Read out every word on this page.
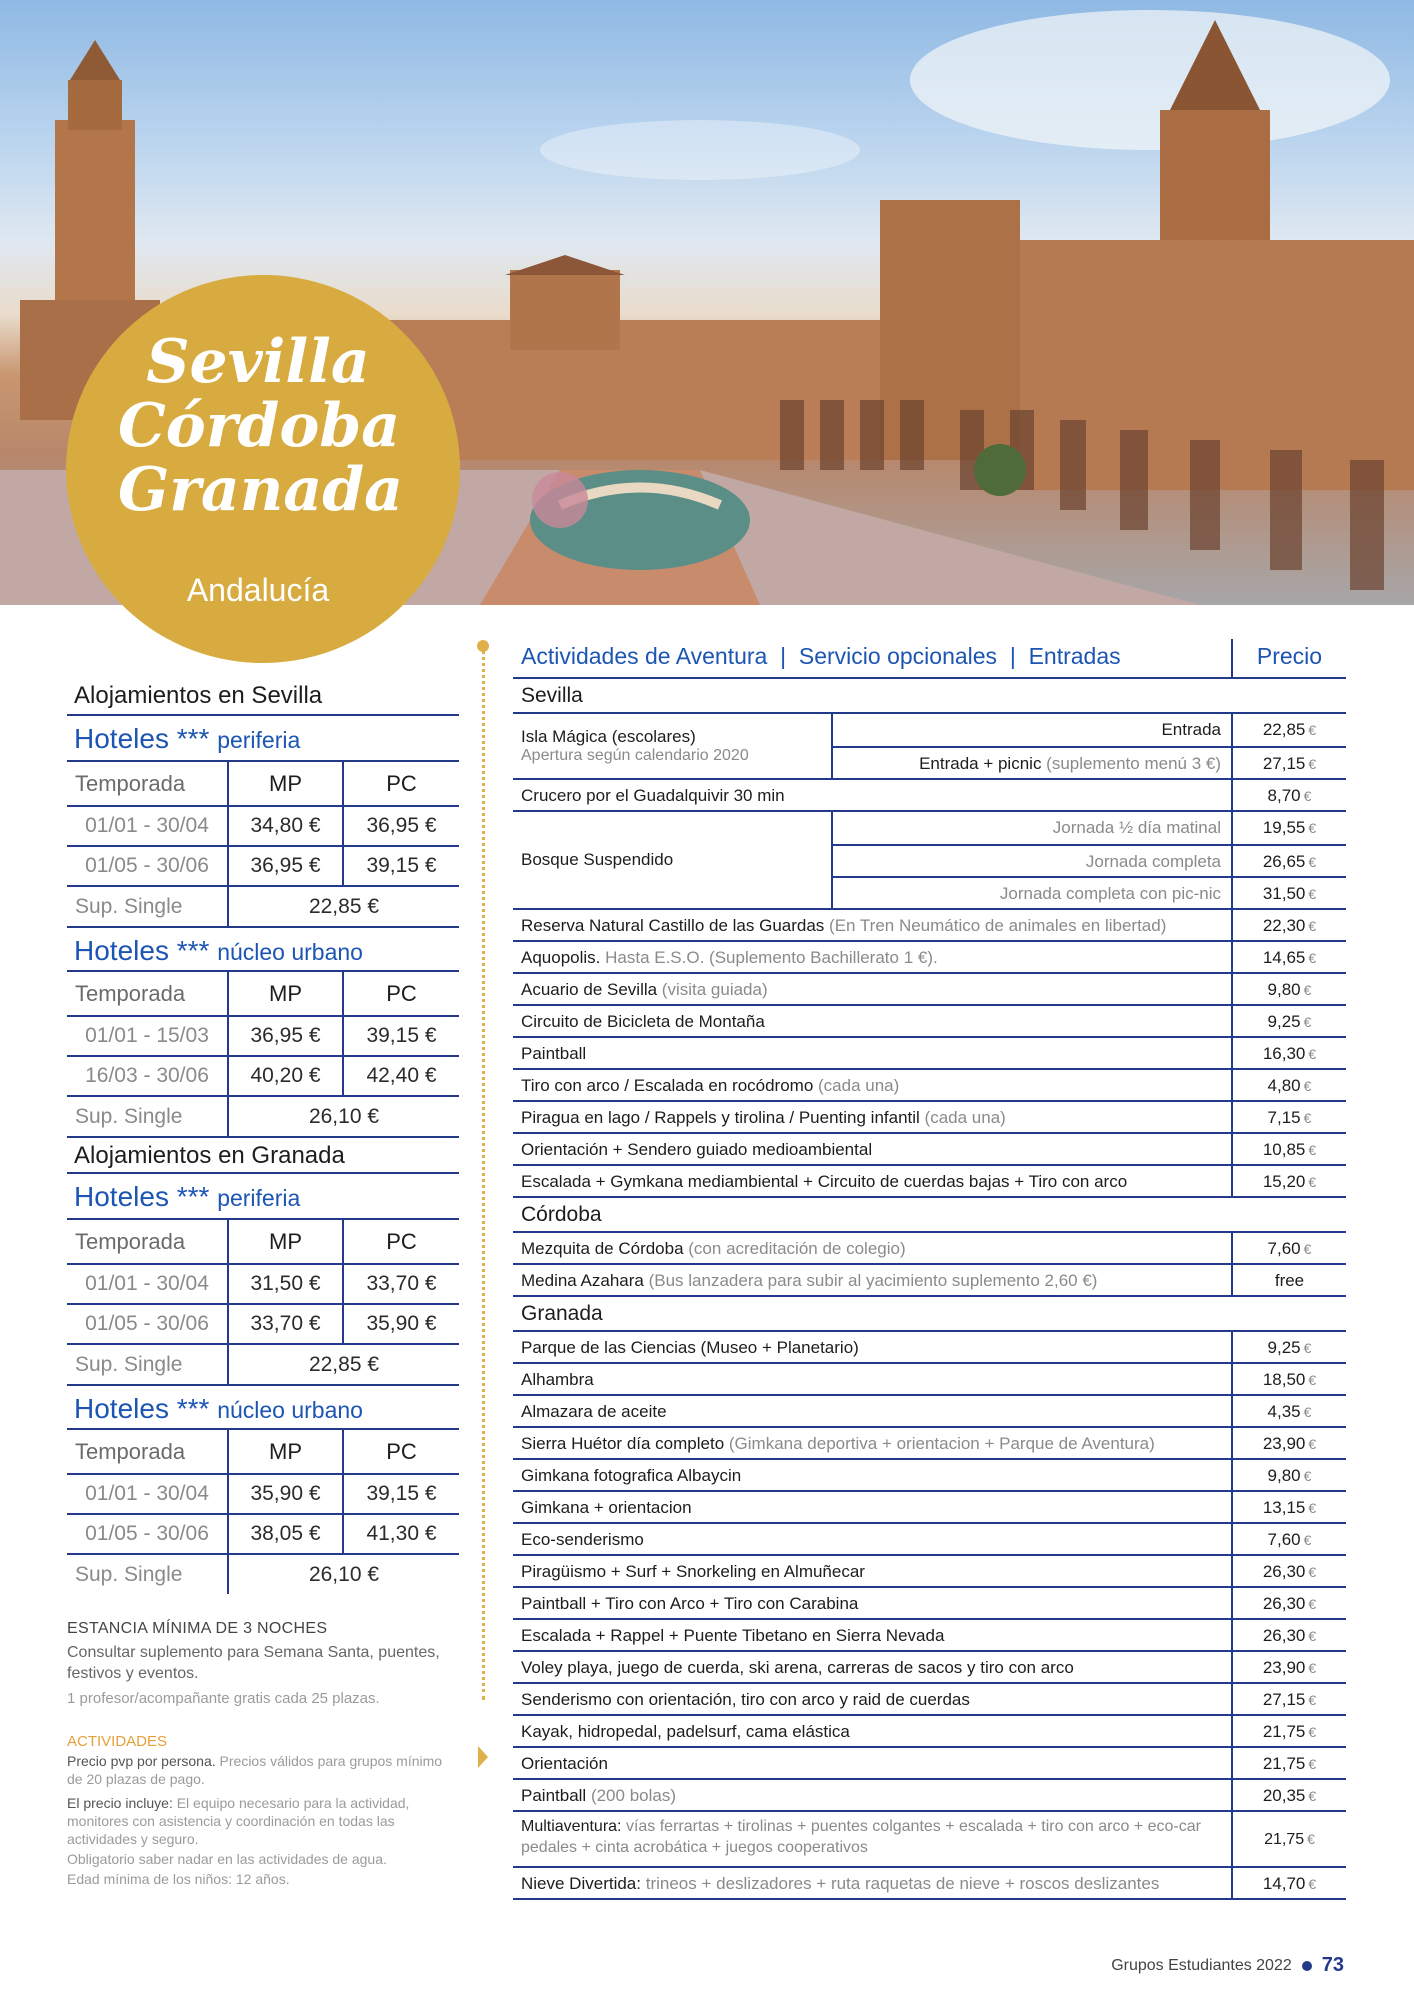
Sevilla
Córdoba
Granada
Andalucía
Alojamientos en Sevilla
Hoteles *** periferia
Temporada	MP	PC
01/01 - 30/04	34,80 €	36,95 €
01/05 - 30/06	36,95 €	39,15 €
Sup. Single	22,85 €	
Hoteles *** núcleo urbano
Temporada	MP	PC
01/01 - 15/03	36,95 €	39,15 €
16/03 - 30/06	40,20 €	42,40 €
Sup. Single	26,10 €	
Alojamientos en Granada
Hoteles *** periferia
Temporada	MP	PC
01/01 - 30/04	31,50 €	33,70 €
01/05 - 30/06	33,70 €	35,90 €
Sup. Single	22,85 €	
Hoteles *** núcleo urbano
Temporada	MP	PC
01/01 - 30/04	35,90 €	39,15 €
01/05 - 30/06	38,05 €	41,30 €
Sup. Single	26,10 €	
ESTANCIA MÍNIMA DE 3 NOCHES
Consultar suplemento para Semana Santa, puentes, festivos y eventos.
1 profesor/acompañante gratis cada 25 plazas.
ACTIVIDADES
Precio pvp por persona. Precios válidos para grupos mínimo de 20 plazas de pago.
El precio incluye: El equipo necesario para la actividad, monitores con asistencia y coordinación en todas las actividades y seguro.
Obligatorio saber nadar en las actividades de agua.
Edad mínima de los niños: 12 años.
Actividades de Aventura  |  Servicio opcionales  |  Entradas	Precio
Sevilla
Isla Mágica (escolares)
Apertura según calendario 2020
Entrada	22,85 €
Entrada + picnic (suplemento menú 3 €)	27,15 €
Crucero por el Guadalquivir 30 min	8,70 €
Bosque Suspendido
Jornada ½ día matinal	19,55 €
Jornada completa	26,65 €
Jornada completa con pic-nic	31,50 €
Reserva Natural Castillo de las Guardas (En Tren Neumático de animales en libertad)	22,30 €
Aquopolis. Hasta E.S.O. (Suplemento Bachillerato 1 €).	14,65 €
Acuario de Sevilla (visita guiada)	9,80 €
Circuito de Bicicleta de Montaña	9,25 €
Paintball	16,30 €
Tiro con arco / Escalada en rocódromo (cada una)	4,80 €
Piragua en lago / Rappels y tirolina / Puenting infantil (cada una)	7,15 €
Orientación + Sendero guiado medioambiental	10,85 €
Escalada + Gymkana mediambiental + Circuito de cuerdas bajas + Tiro con arco	15,20 €
Córdoba
Mezquita de Córdoba (con acreditación de colegio)	7,60 €
Medina Azahara (Bus lanzadera para subir al yacimiento suplemento 2,60 €)	free
Granada
Parque de las Ciencias (Museo + Planetario)	9,25 €
Alhambra	18,50 €
Almazara de aceite	4,35 €
Sierra Huétor día completo (Gimkana deportiva + orientacion + Parque de Aventura)	23,90 €
Gimkana fotografica Albaycin	9,80 €
Gimkana + orientacion	13,15 €
Eco-senderismo	7,60 €
Piragüismo + Surf + Snorkeling en Almuñecar	26,30 €
Paintball + Tiro con Arco + Tiro con Carabina	26,30 €
Escalada + Rappel + Puente Tibetano en Sierra Nevada	26,30 €
Voley playa, juego de cuerda, ski arena, carreras de sacos y tiro con arco	23,90 €
Senderismo con orientación, tiro con arco y raid de cuerdas	27,15 €
Kayak, hidropedal, padelsurf, cama elástica	21,75 €
Orientación	21,75 €
Paintball (200 bolas)	20,35 €
Multiaventura: vías ferrartas + tirolinas + puentes colgantes + escalada + tiro con arco + eco-car pedales + cinta acrobática + juegos cooperativos	21,75 €
Nieve Divertida: trineos + deslizadores + ruta raquetas de nieve + roscos deslizantes	14,70 €
Grupos Estudiantes 2022 73
